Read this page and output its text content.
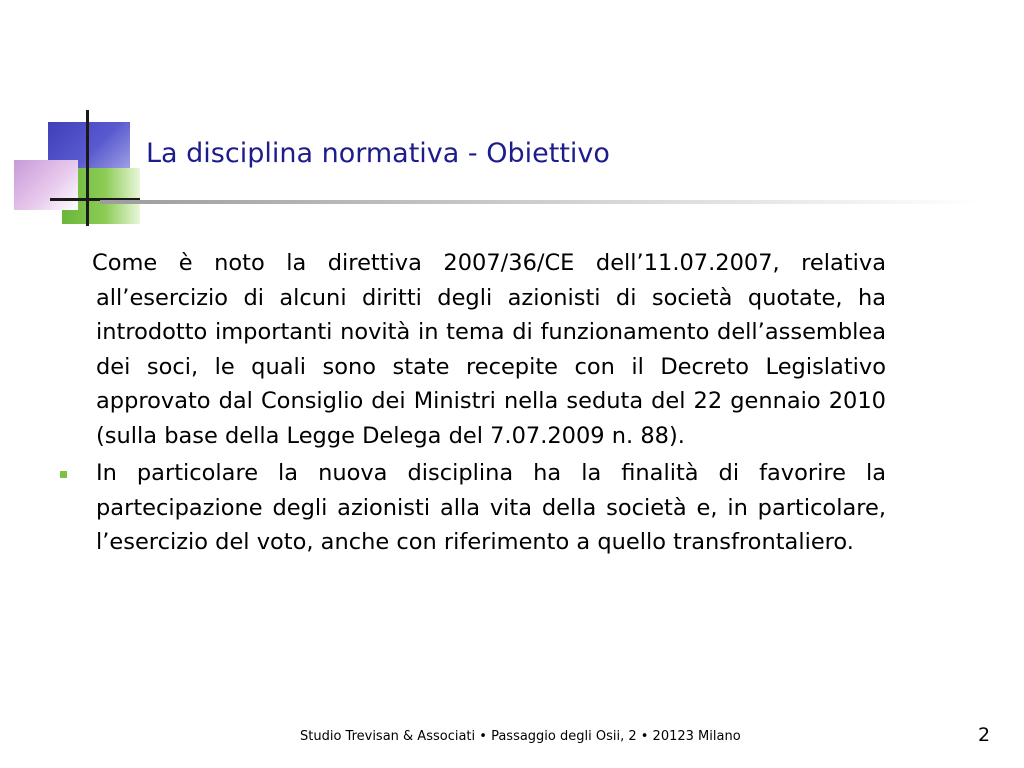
La disciplina normativa - Obiettivo
Come è noto la direttiva 2007/36/CE dell’11.07.2007, relativa all’esercizio di alcuni diritti degli azionisti di società quotate, ha introdotto importanti novità in tema di funzionamento dell’assemblea dei soci, le quali sono state recepite con il Decreto Legislativo approvato dal Consiglio dei Ministri nella seduta del 22 gennaio 2010 (sulla base della Legge Delega del 7.07.2009 n. 88).
In particolare la nuova disciplina ha la finalità di favorire la partecipazione degli azionisti alla vita della società e, in particolare, l’esercizio del voto, anche con riferimento a quello transfrontaliero.
Studio Trevisan & Associati • Passaggio degli Osii, 2 • 20123 Milano	2
